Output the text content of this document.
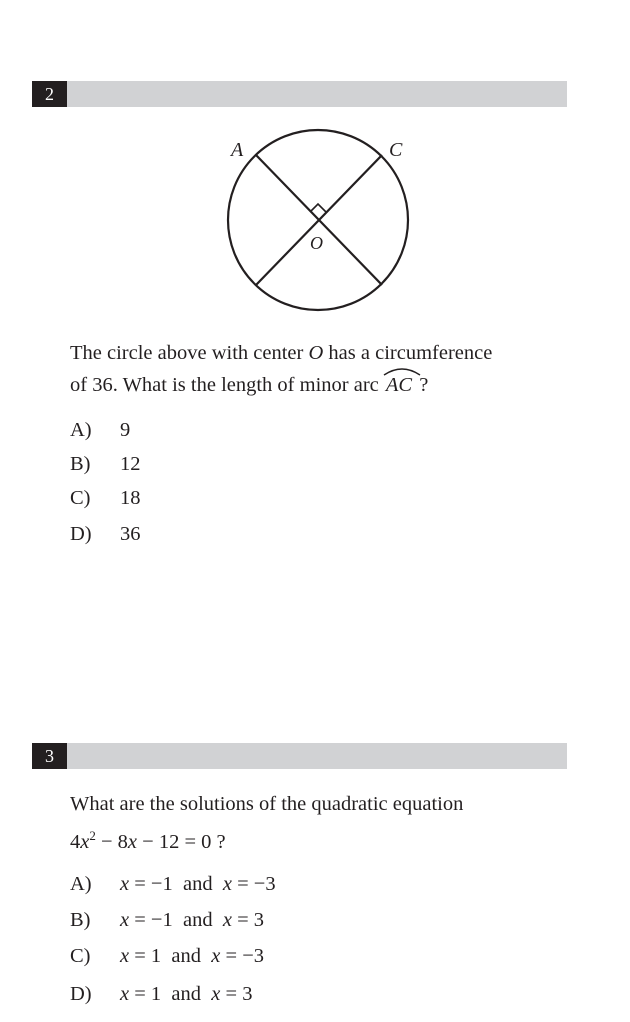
2
A	C
O
The circle above with center O has a circumference
of 36. What is the length of minor arc AC ?
A) 9
B) 12
C) 18
D) 36
3
What are the solutions of the quadratic equation
$4x^2 - 8x - 12 = 0$ ?
A) x = −1 and x = −3
B) x = −1 and x = 3
C) x = 1 and x = −3
D) x = 1 and x = 3
